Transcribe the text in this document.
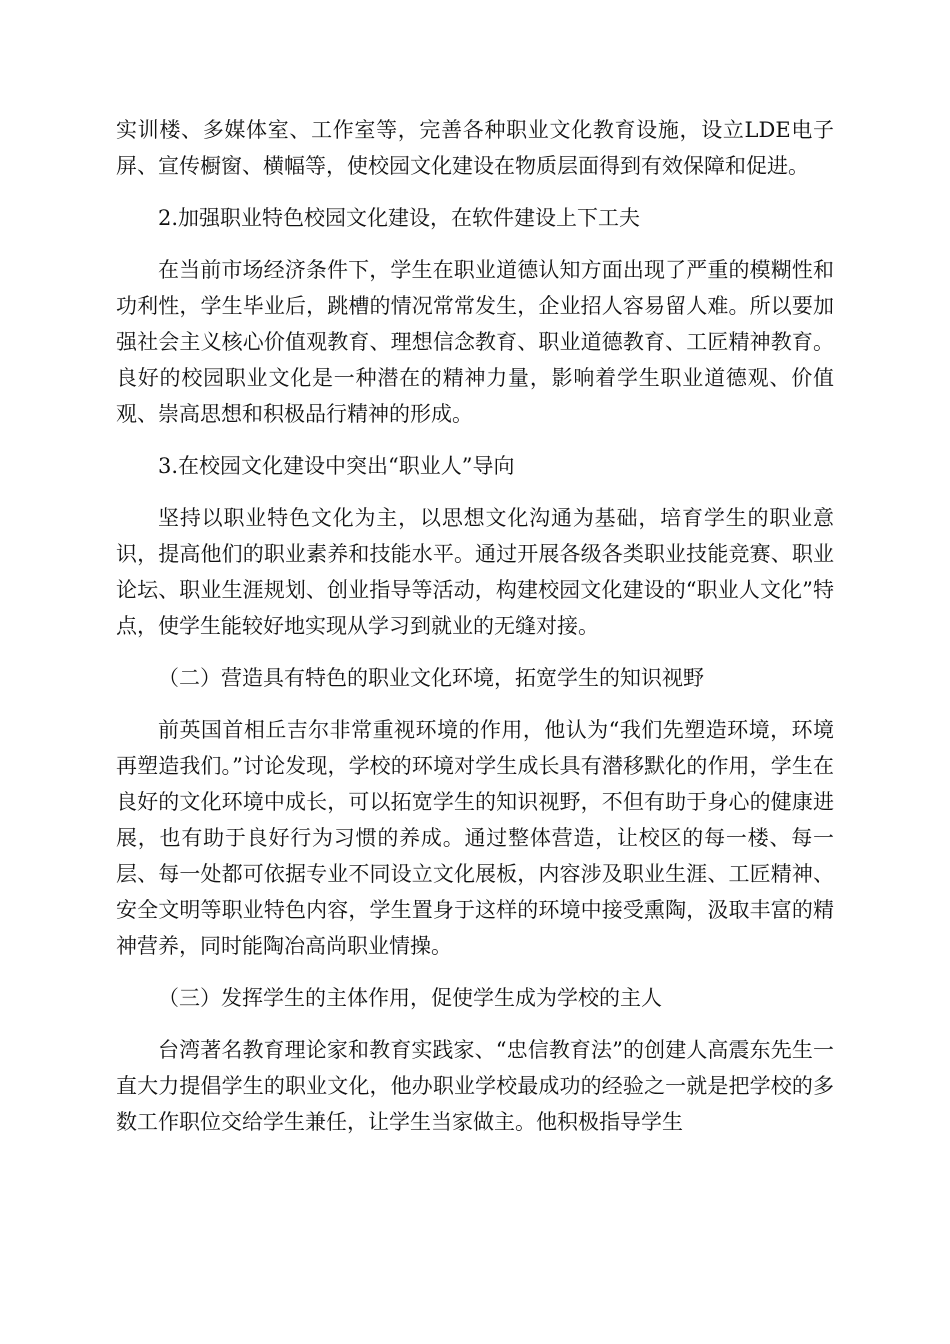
实训楼、多媒体室、工作室等，完善各种职业文化教育设施，设立LDE电子屏、宣传橱窗、横幅等，使校园文化建设在物质层面得到有效保障和促进。

2.加强职业特色校园文化建设，在软件建设上下工夫

在当前市场经济条件下，学生在职业道德认知方面出现了严重的模糊性和功利性，学生毕业后，跳槽的情况常常发生，企业招人容易留人难。所以要加强社会主义核心价值观教育、理想信念教育、职业道德教育、工匠精神教育。良好的校园职业文化是一种潜在的精神力量，影响着学生职业道德观、价值观、崇高思想和积极品行精神的形成。

3.在校园文化建设中突出“职业人”导向

坚持以职业特色文化为主，以思想文化沟通为基础，培育学生的职业意识，提高他们的职业素养和技能水平。通过开展各级各类职业技能竞赛、职业论坛、职业生涯规划、创业指导等活动，构建校园文化建设的“职业人文化”特点，使学生能较好地实现从学习到就业的无缝对接。

（二）营造具有特色的职业文化环境，拓宽学生的知识视野

前英国首相丘吉尔非常重视环境的作用，他认为“我们先塑造环境，环境再塑造我们。”讨论发现，学校的环境对学生成长具有潜移默化的作用，学生在良好的文化环境中成长，可以拓宽学生的知识视野，不但有助于身心的健康进展，也有助于良好行为习惯的养成。通过整体营造，让校区的每一楼、每一层、每一处都可依据专业不同设立文化展板，内容涉及职业生涯、工匠精神、安全文明等职业特色内容，学生置身于这样的环境中接受熏陶，汲取丰富的精神营养，同时能陶冶高尚职业情操。

（三）发挥学生的主体作用，促使学生成为学校的主人

台湾著名教育理论家和教育实践家、“忠信教育法”的创建人高震东先生一直大力提倡学生的职业文化，他办职业学校最成功的经验之一就是把学校的多数工作职位交给学生兼任，让学生当家做主。他积极指导学生
